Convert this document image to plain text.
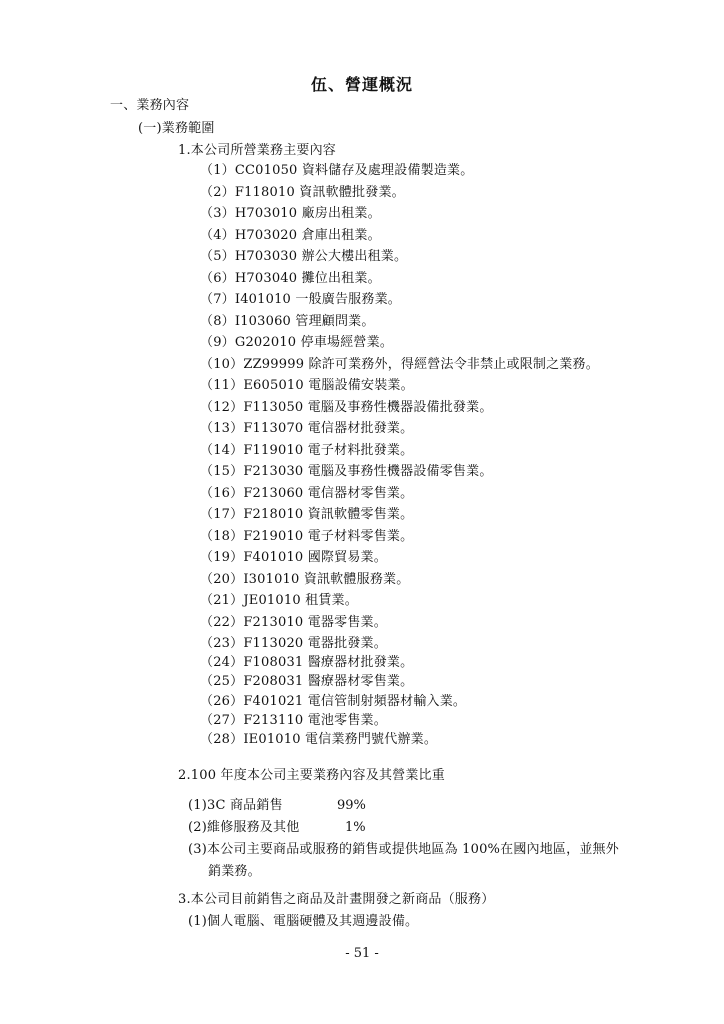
伍、營運概況
一、業務內容
(一)業務範圍
1.本公司所營業務主要內容
（1）CC01050 資料儲存及處理設備製造業。
（2）F118010 資訊軟體批發業。
（3）H703010 廠房出租業。
（4）H703020 倉庫出租業。
（5）H703030 辦公大樓出租業。
（6）H703040 攤位出租業。
（7）I401010 一般廣告服務業。
（8）I103060 管理顧問業。
（9）G202010 停車場經營業。
（10）ZZ99999 除許可業務外，得經營法令非禁止或限制之業務。
（11）E605010 電腦設備安裝業。
（12）F113050 電腦及事務性機器設備批發業。
（13）F113070 電信器材批發業。
（14）F119010 電子材料批發業。
（15）F213030 電腦及事務性機器設備零售業。
（16）F213060 電信器材零售業。
（17）F218010 資訊軟體零售業。
（18）F219010 電子材料零售業。
（19）F401010 國際貿易業。
（20）I301010 資訊軟體服務業。
（21）JE01010 租賃業。
（22）F213010 電器零售業。
（23）F113020 電器批發業。
（24）F108031 醫療器材批發業。
（25）F208031 醫療器材零售業。
（26）F401021 電信管制射頻器材輸入業。
（27）F213110 電池零售業。
（28）IE01010 電信業務門號代辦業。
2.100 年度本公司主要業務內容及其營業比重
(1)3C 商品銷售	99%
(2)維修服務及其他	1%
(3)本公司主要商品或服務的銷售或提供地區為 100%在國內地區，並無外
銷業務。
3.本公司目前銷售之商品及計畫開發之新商品（服務）
(1)個人電腦、電腦硬體及其週邊設備。
- 51 -
